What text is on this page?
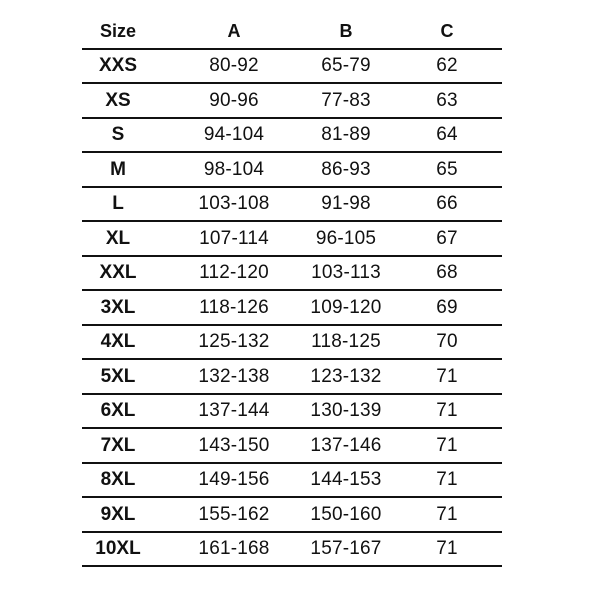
Size	A	B	C
XXS	80-92	65-79	62
XS	90-96	77-83	63
S	94-104	81-89	64
M	98-104	86-93	65
L	103-108	91-98	66
XL	107-114	96-105	67
XXL	112-120	103-113	68
3XL	118-126	109-120	69
4XL	125-132	118-125	70
5XL	132-138	123-132	71
6XL	137-144	130-139	71
7XL	143-150	137-146	71
8XL	149-156	144-153	71
9XL	155-162	150-160	71
10XL	161-168	157-167	71
